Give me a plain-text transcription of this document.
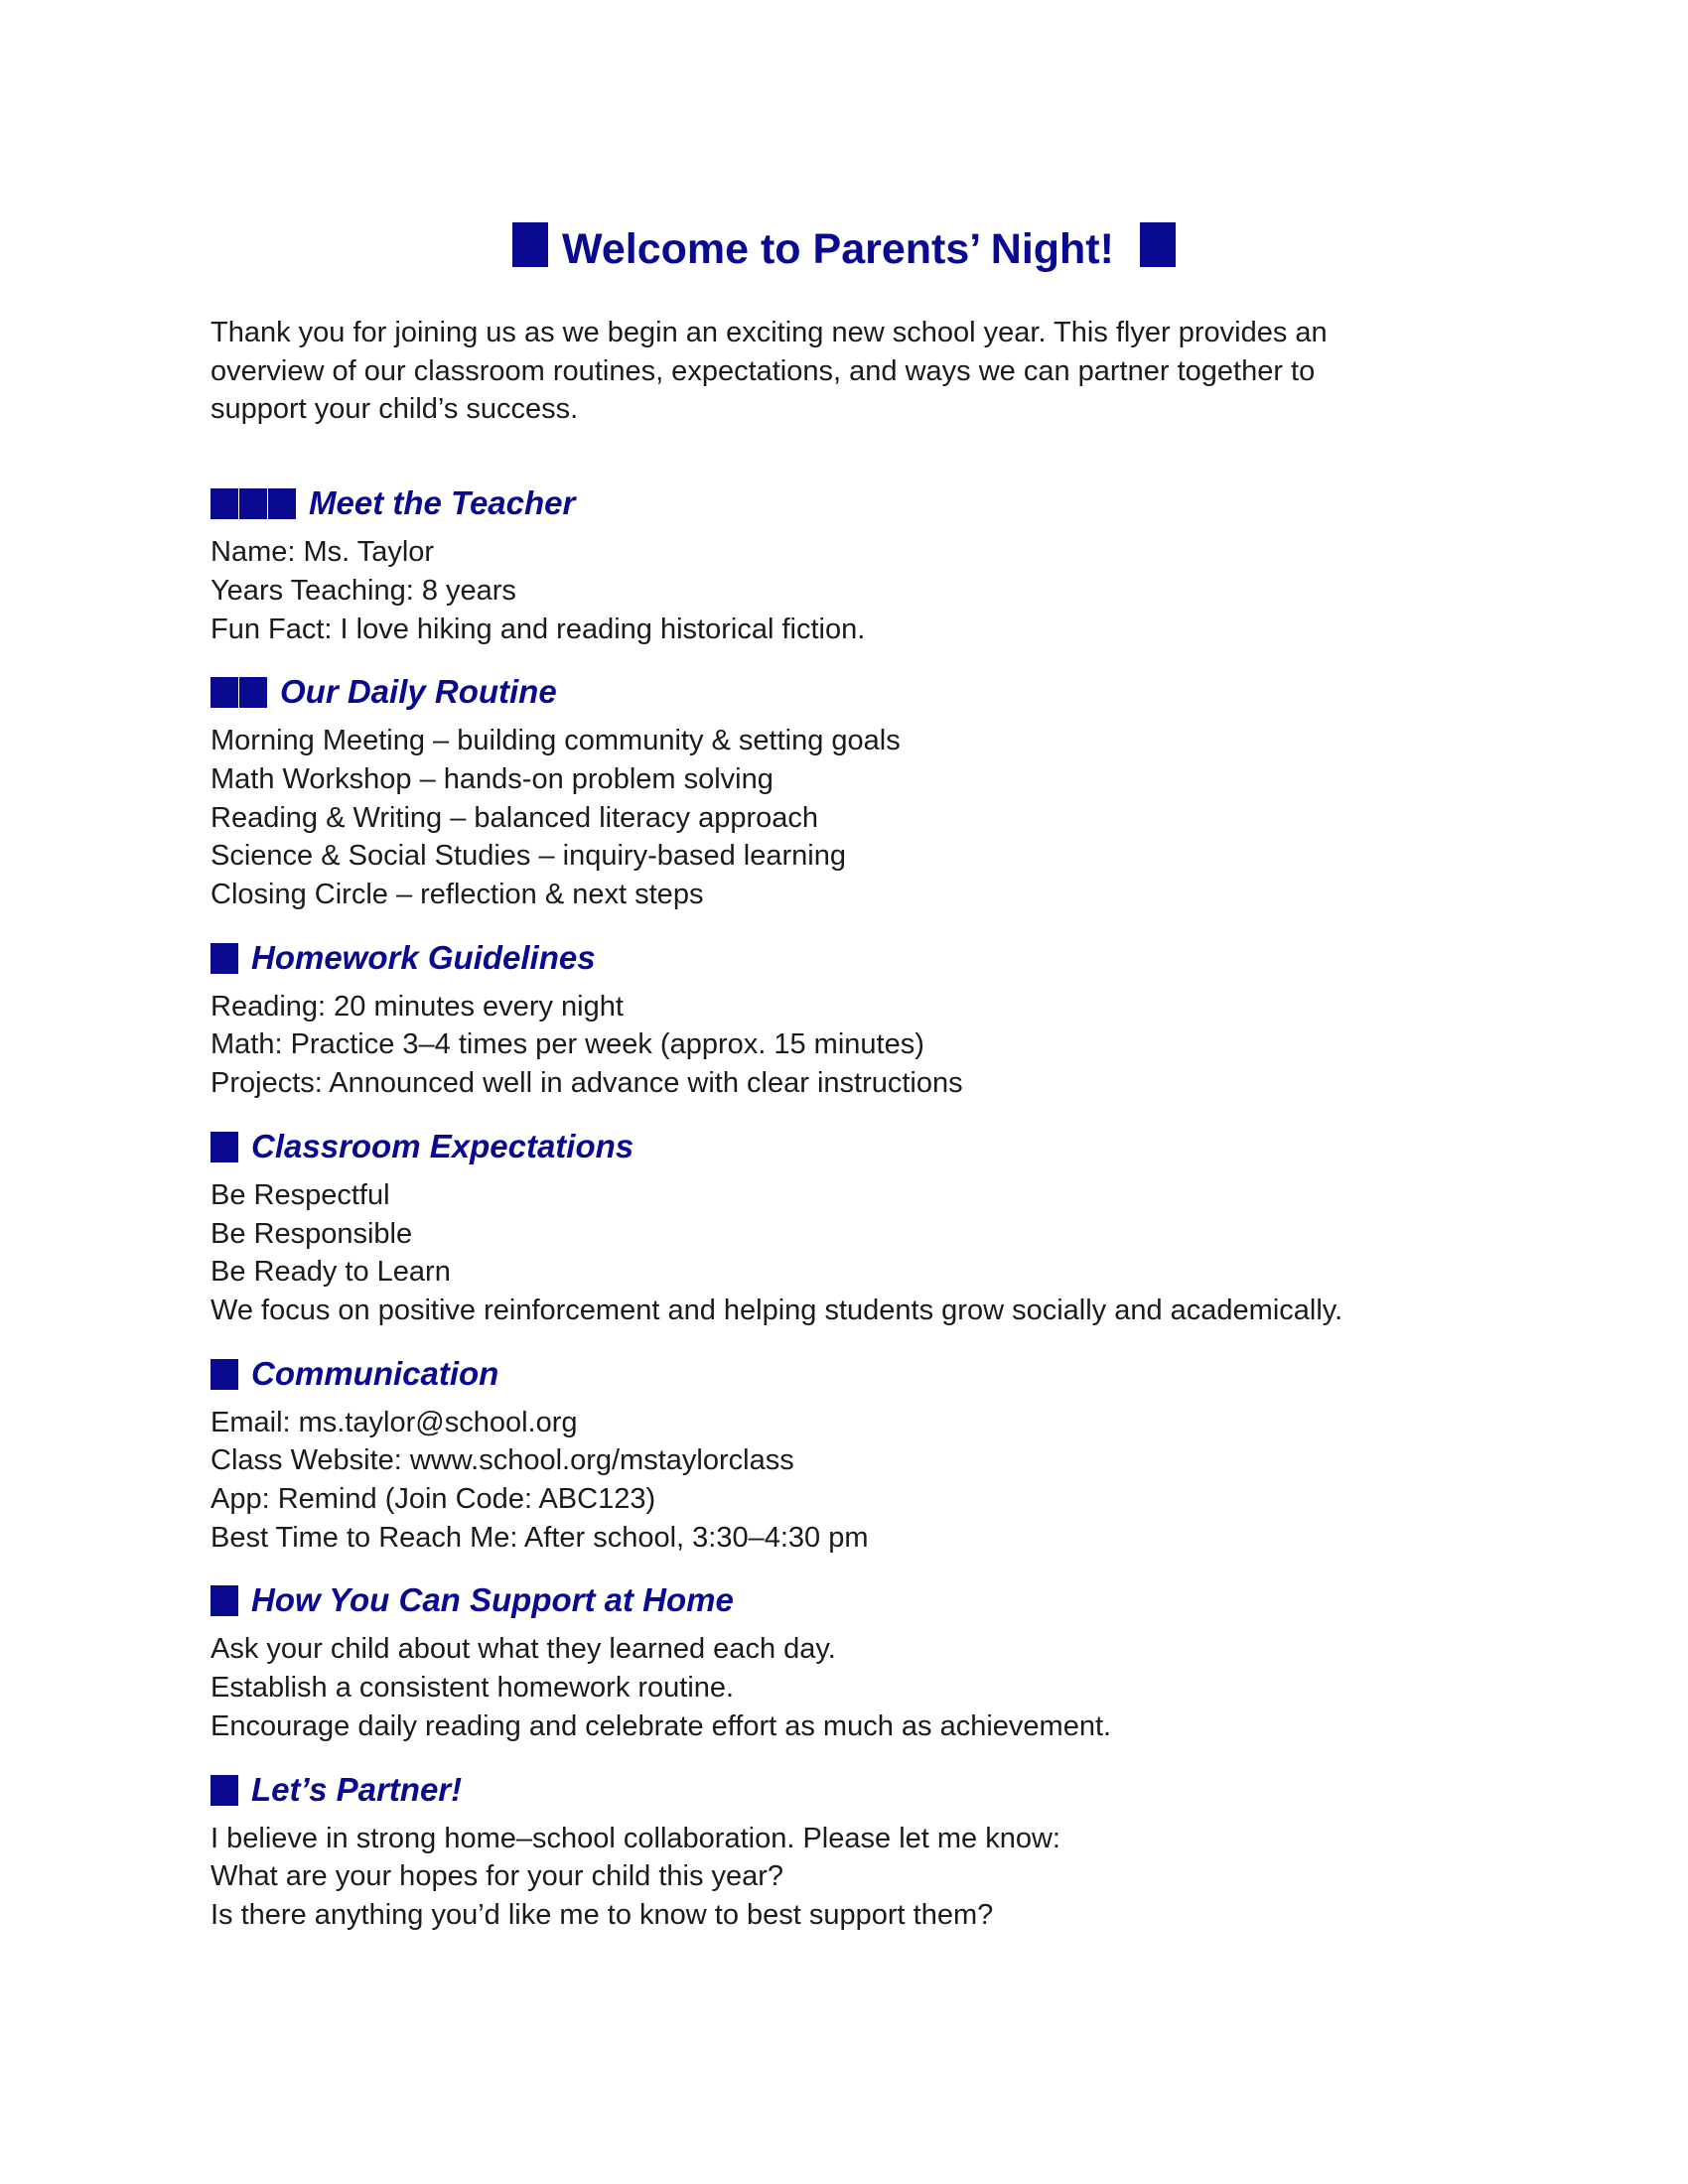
Welcome to Parents’ Night!
Thank you for joining us as we begin an exciting new school year. This flyer provides an
overview of our classroom routines, expectations, and ways we can partner together to
support your child’s success.
Meet the Teacher
Name: Ms. Taylor
Years Teaching: 8 years
Fun Fact: I love hiking and reading historical fiction.
Our Daily Routine
Morning Meeting – building community & setting goals
Math Workshop – hands-on problem solving
Reading & Writing – balanced literacy approach
Science & Social Studies – inquiry-based learning
Closing Circle – reflection & next steps
Homework Guidelines
Reading: 20 minutes every night
Math: Practice 3–4 times per week (approx. 15 minutes)
Projects: Announced well in advance with clear instructions
Classroom Expectations
Be Respectful
Be Responsible
Be Ready to Learn
We focus on positive reinforcement and helping students grow socially and academically.
Communication
Email: ms.taylor@school.org
Class Website: www.school.org/mstaylorclass
App: Remind (Join Code: ABC123)
Best Time to Reach Me: After school, 3:30–4:30 pm
How You Can Support at Home
Ask your child about what they learned each day.
Establish a consistent homework routine.
Encourage daily reading and celebrate effort as much as achievement.
Let’s Partner!
I believe in strong home–school collaboration. Please let me know:
What are your hopes for your child this year?
Is there anything you’d like me to know to best support them?
